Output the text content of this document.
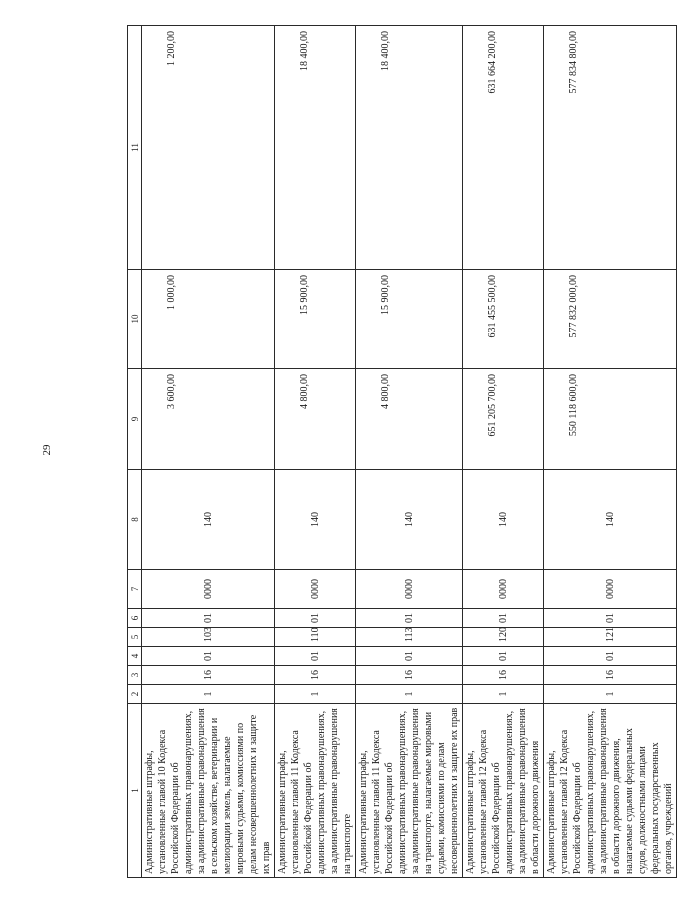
29
1	2	3	4	5	6	7	8	9	10	11
Административные штрафы, установленные главой 10 Кодекса Российской Федерации об административных правонарушениях, за административные правонарушения в сельском хозяйстве, ветеринарии и мелиорации земель, налагаемые мировыми судьями, комиссиями по делам несовершеннолетних и защите их прав	1	16	01	103	01	0000	140	3 600,00	1 000,00	1 200,00
Административные штрафы, установленные главой 11 Кодекса Российской Федерации об административных правонарушениях, за административные правонарушения на транспорте	1	16	01	110	01	0000	140	4 800,00	15 900,00	18 400,00
Административные штрафы, установленные главой 11 Кодекса Российской Федерации об административных правонарушениях, за административные правонарушения на транспорте, налагаемые мировыми судьями, комиссиями по делам несовершеннолетних и защите их прав	1	16	01	113	01	0000	140	4 800,00	15 900,00	18 400,00
Административные штрафы, установленные главой 12 Кодекса Российской Федерации об административных правонарушениях, за административные правонарушения в области дорожного движения	1	16	01	120	01	0000	140	651 205 700,00	631 455 500,00	631 664 200,00
Административные штрафы, установленные главой 12 Кодекса Российской Федерации об административных правонарушениях, за административные правонарушения в области дорожного движения, налагаемые судьями федеральных судов, должностными лицами федеральных государственных органов, учреждений	1	16	01	121	01	0000	140	550 118 600,00	577 832 000,00	577 834 800,00
